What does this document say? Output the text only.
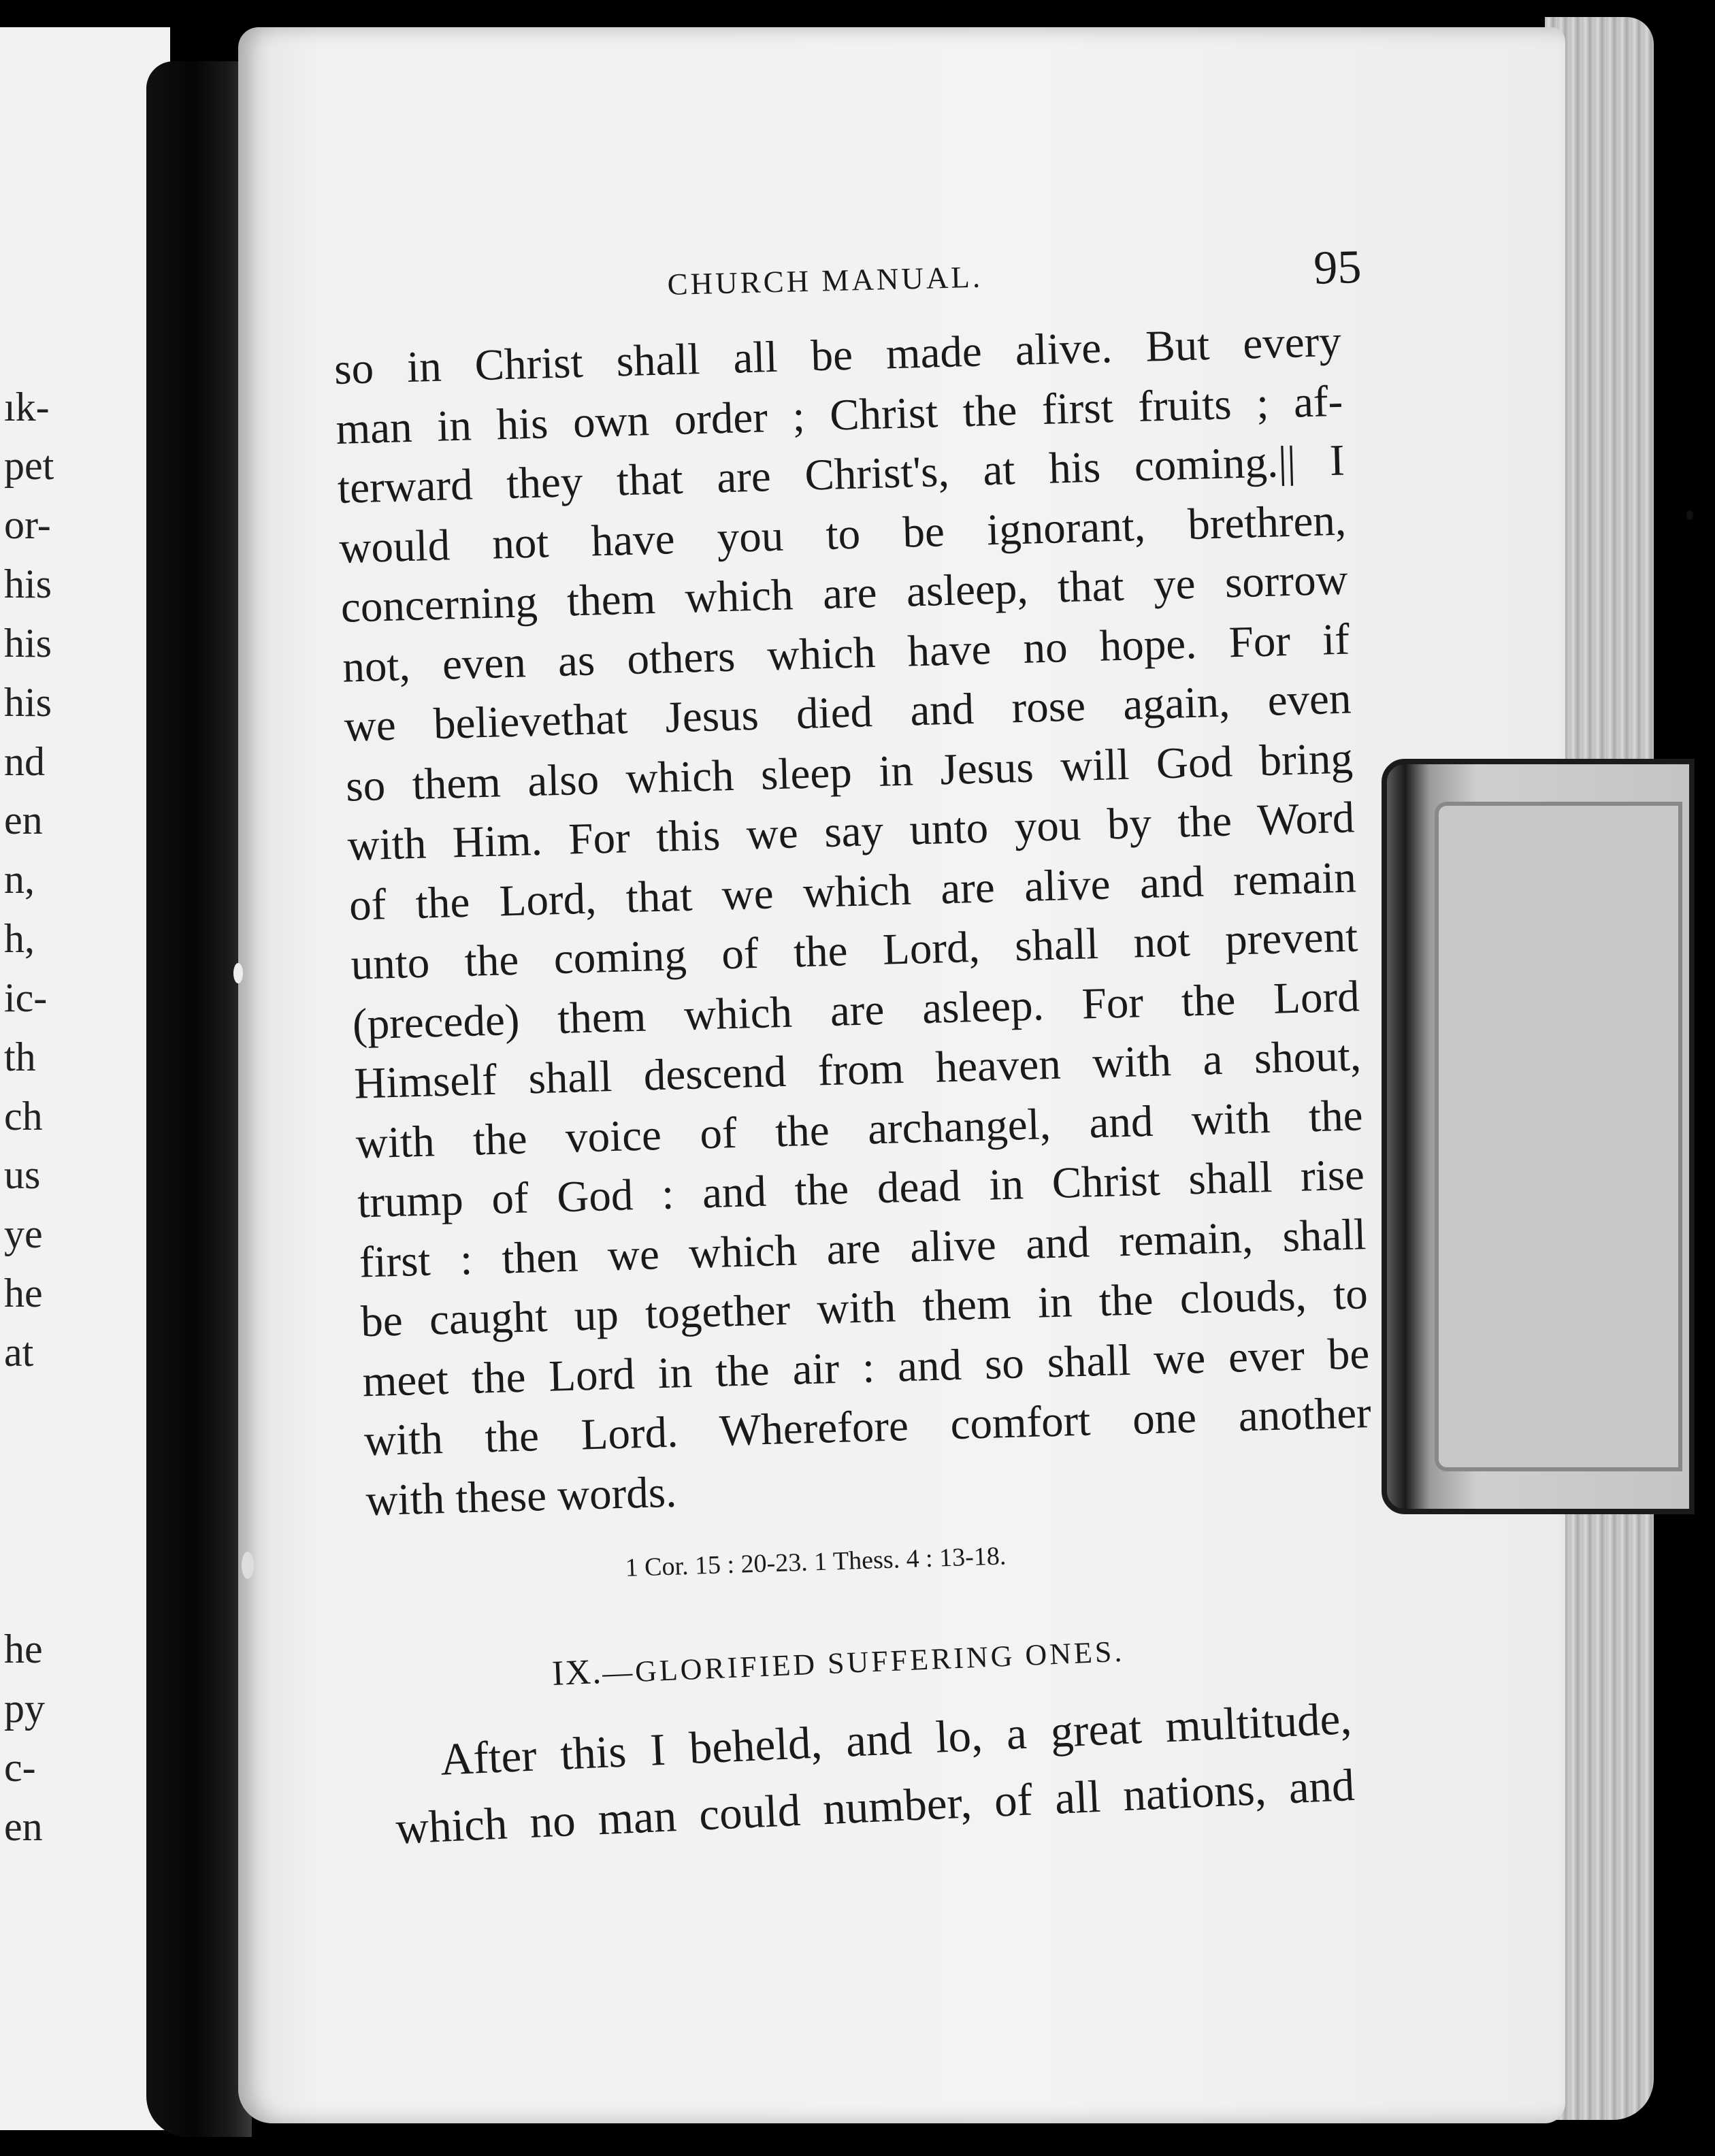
ık-
pet
or-
his
his
his
nd
en
n,
h,
ic-
th
ch
us
ye
he
at
he
py
c-
en
CHURCH MANUAL.	95
so in Christ shall all be made alive. But every
man in his own order ; Christ the first fruits ; af-
terward they that are Christ's, at his coming.|| I
would not have you to be ignorant, brethren,
concerning them which are asleep, that ye sorrow
not, even as others which have no hope. For if
we believethat Jesus died and rose again, even
so them also which sleep in Jesus will God bring
with Him. For this we say unto you by the Word
of the Lord, that we which are alive and remain
unto the coming of the Lord, shall not prevent
(precede) them which are asleep. For the Lord
Himself shall descend from heaven with a shout,
with the voice of the archangel, and with the
trump of God : and the dead in Christ shall rise
first : then we which are alive and remain, shall
be caught up together with them in the clouds, to
meet the Lord in the air : and so shall we ever be
with the Lord. Wherefore comfort one another
with these words.
1 Cor. 15 : 20-23. 1 Thess. 4 : 13-18.
IX.—GLORIFIED SUFFERING ONES.
After this I beheld, and lo, a great multitude,
which no man could number, of all nations, and
